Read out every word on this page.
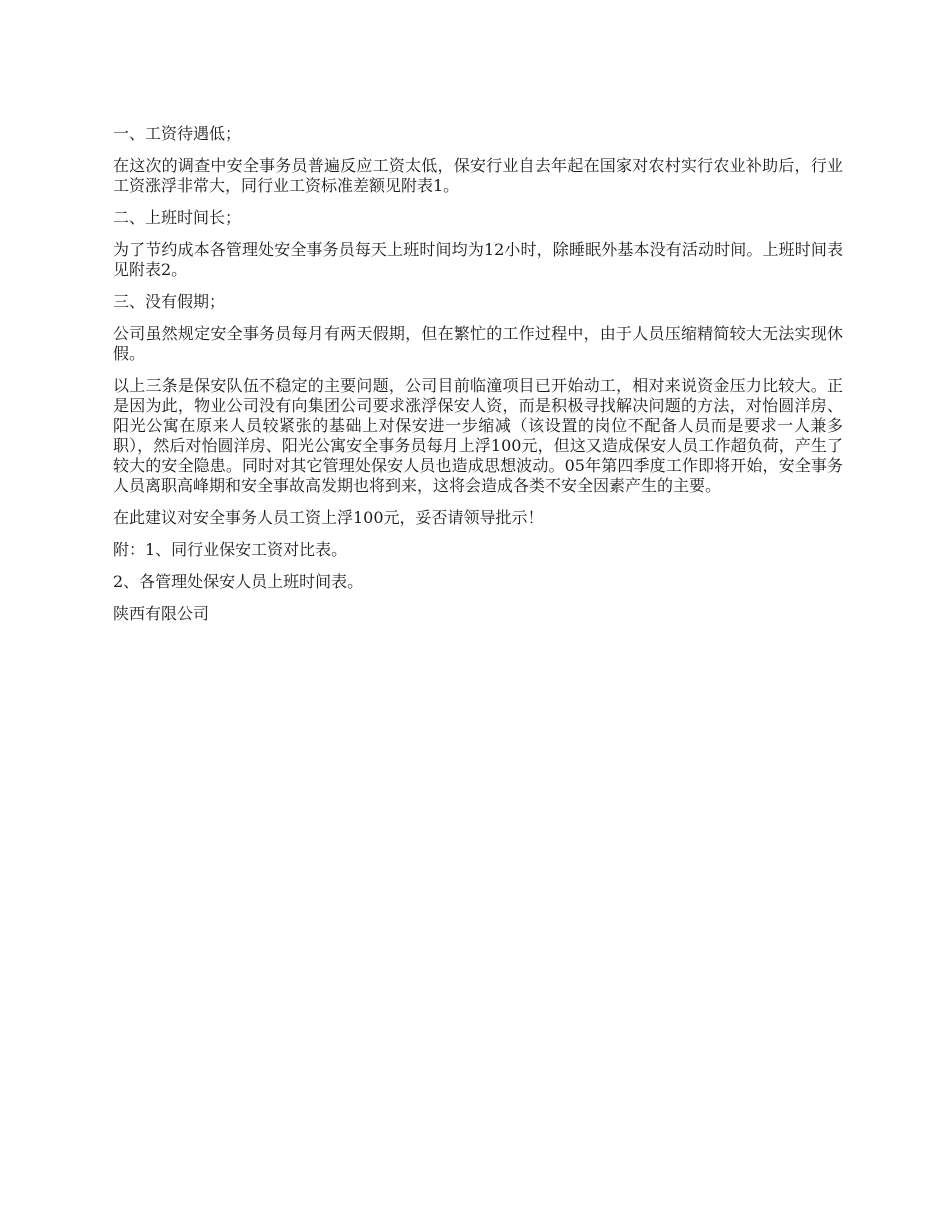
一、工资待遇低；

在这次的调查中安全事务员普遍反应工资太低，保安行业自去年起在国家对农村实行农业补助后，行业工资涨浮非常大，同行业工资标准差额见附表1。

二、上班时间长；

为了节约成本各管理处安全事务员每天上班时间均为12小时，除睡眠外基本没有活动时间。上班时间表见附表2。

三、没有假期；

公司虽然规定安全事务员每月有两天假期，但在繁忙的工作过程中，由于人员压缩精简较大无法实现休假。

以上三条是保安队伍不稳定的主要问题，公司目前临潼项目已开始动工，相对来说资金压力比较大。正是因为此，物业公司没有向集团公司要求涨浮保安人资，而是积极寻找解决问题的方法，对怡圆洋房、阳光公寓在原来人员较紧张的基础上对保安进一步缩减（该设置的岗位不配备人员而是要求一人兼多职），然后对怡圆洋房、阳光公寓安全事务员每月上浮100元，但这又造成保安人员工作超负荷，产生了较大的安全隐患。同时对其它管理处保安人员也造成思想波动。05年第四季度工作即将开始，安全事务人员离职高峰期和安全事故高发期也将到来，这将会造成各类不安全因素产生的主要。

在此建议对安全事务人员工资上浮100元，妥否请领导批示！

附：1、同行业保安工资对比表。

2、各管理处保安人员上班时间表。

陕西有限公司
